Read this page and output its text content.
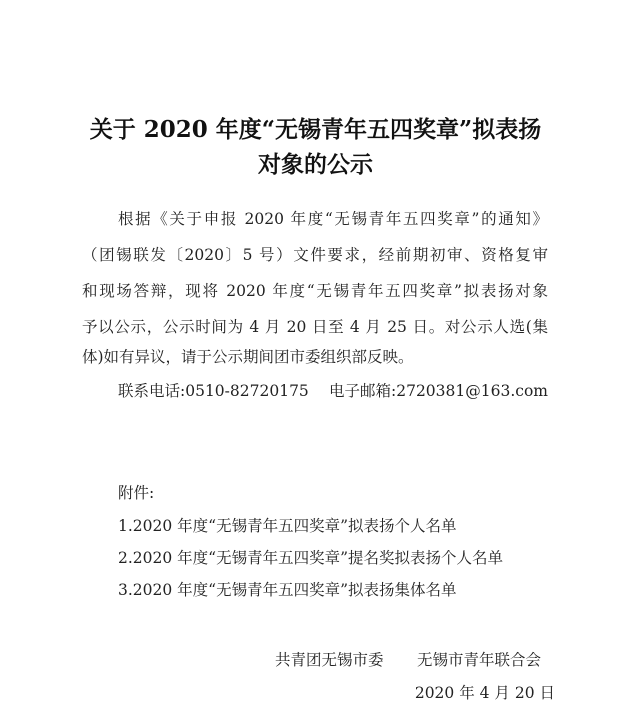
关于 2020 年度“无锡青年五四奖章”拟表扬
对象的公示
根据《关于申报 2020 年度“无锡青年五四奖章”的通知》
（团锡联发〔2020〕5 号）文件要求，经前期初审、资格复审
和现场答辩，现将 2020 年度“无锡青年五四奖章”拟表扬对象
予以公示，公示时间为 4 月 20 日至 4 月 25 日。对公示人选(集
体)如有异议，请于公示期间团市委组织部反映。
联系电话:0510-82720175 电子邮箱:2720381@163.com
附件:
1.2020 年度“无锡青年五四奖章”拟表扬个人名单
2.2020 年度“无锡青年五四奖章”提名奖拟表扬个人名单
3.2020 年度“无锡青年五四奖章”拟表扬集体名单
共青团无锡市委 无锡市青年联合会
2020 年 4 月 20 日
